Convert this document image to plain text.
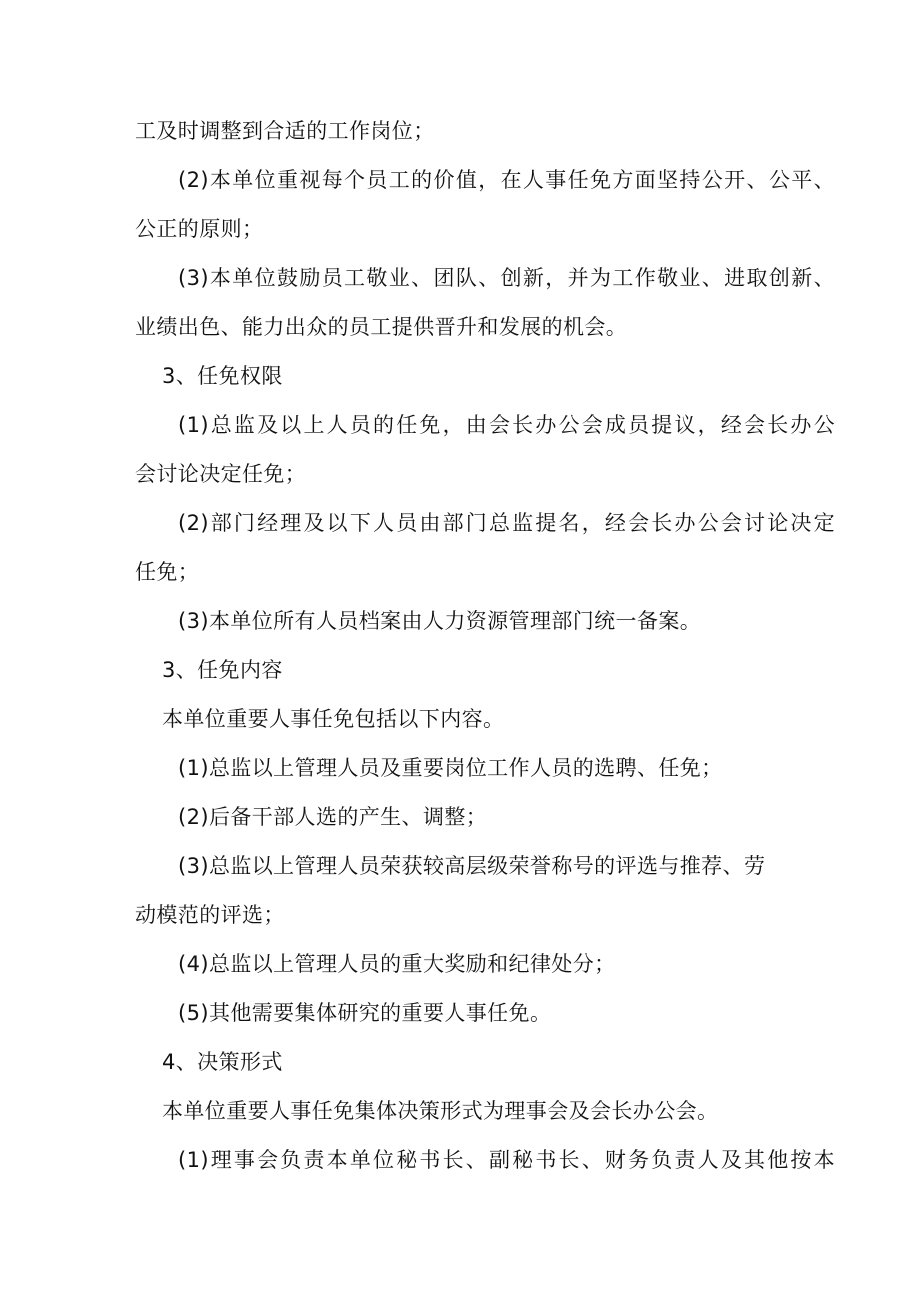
工及时调整到合适的工作岗位；
(2)本单位重视每个员工的价值，在人事任免方面坚持公开、公平、
公正的原则；
(3)本单位鼓励员工敬业、团队、创新，并为工作敬业、进取创新、
业绩出色、能力出众的员工提供晋升和发展的机会。
3、任免权限
(1)总监及以上人员的任免，由会长办公会成员提议，经会长办公
会讨论决定任免；
(2)部门经理及以下人员由部门总监提名，经会长办公会讨论决定
任免；
(3)本单位所有人员档案由人力资源管理部门统一备案。
3、任免内容
本单位重要人事任免包括以下内容。
(1)总监以上管理人员及重要岗位工作人员的选聘、任免；
(2)后备干部人选的产生、调整；
(3)总监以上管理人员荣获较高层级荣誉称号的评选与推荐、劳
动模范的评选；
(4)总监以上管理人员的重大奖励和纪律处分；
(5)其他需要集体研究的重要人事任免。
4、决策形式
本单位重要人事任免集体决策形式为理事会及会长办公会。
(1)理事会负责本单位秘书长、副秘书长、财务负责人及其他按本
